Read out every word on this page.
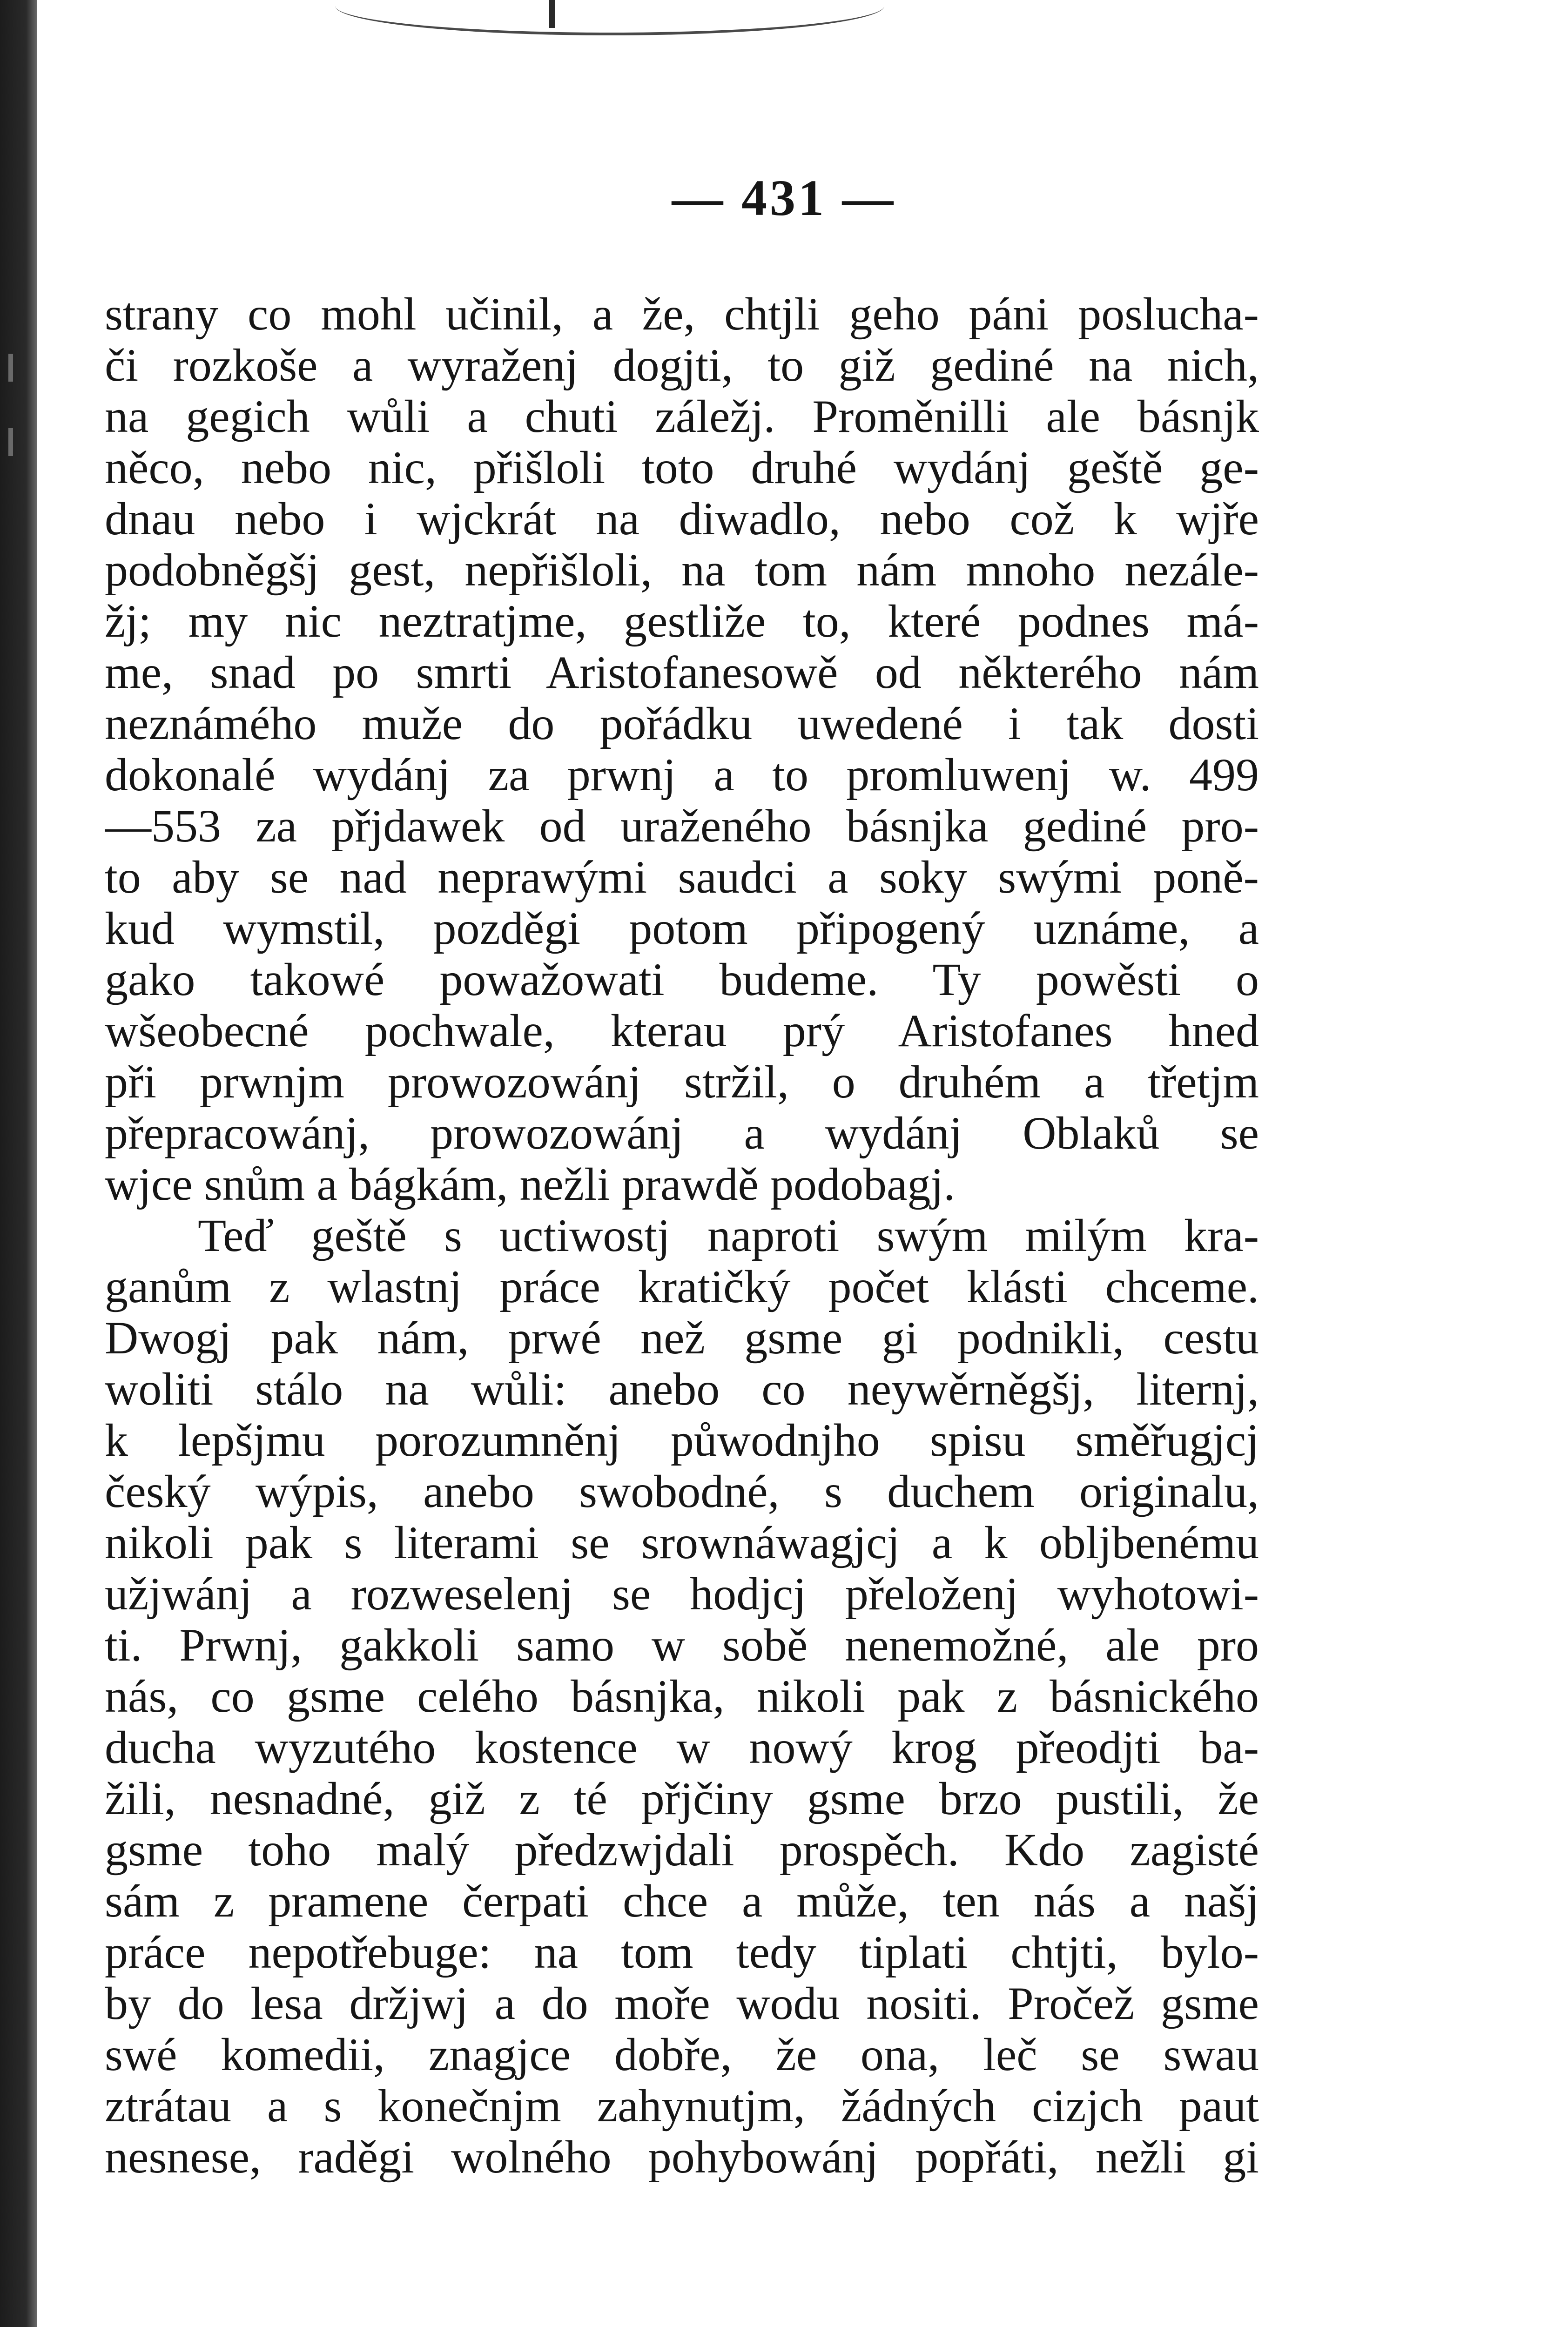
— 431 —
strany co mohl učinil, a že, chtjli geho páni poslucha-
či rozkoše a wyraženj dogjti, to giž gediné na nich,
na gegich wůli a chuti záležj. Proměnilli ale básnjk
něco, nebo nic, přišloli toto druhé wydánj geště ge-
dnau nebo i wjckrát na diwadlo, nebo což k wjře
podobněgšj gest, nepřišloli, na tom nám mnoho nezále-
žj; my nic neztratjme, gestliže to, které podnes má-
me, snad po smrti Aristofanesowě od některého nám
neznámého muže do pořádku uwedené i tak dosti
dokonalé wydánj za prwnj a to promluwenj w. 499
—553 za přjdawek od uraženého básnjka gediné pro-
to aby se nad neprawými saudci a soky swými poně-
kud wymstil, pozděgi potom připogený uznáme, a
gako takowé powažowati budeme. Ty powěsti o
wšeobecné pochwale, kterau prý Aristofanes hned
při prwnjm prowozowánj stržil, o druhém a třetjm
přepracowánj, prowozowánj a wydánj Oblaků se
wjce snům a bágkám, nežli prawdě podobagj.
Teď geště s uctiwostj naproti swým milým kra-
ganům z wlastnj práce kratičký počet klásti chceme.
Dwogj pak nám, prwé než gsme gi podnikli, cestu
woliti stálo na wůli: anebo co neywěrněgšj, liternj,
k lepšjmu porozumněnj půwodnjho spisu směřugjcj
český wýpis, anebo swobodné, s duchem originalu,
nikoli pak s literami se srownáwagjcj a k obljbenému
užjwánj a rozweselenj se hodjcj přeloženj wyhotowi-
ti. Prwnj, gakkoli samo w sobě nenemožné, ale pro
nás, co gsme celého básnjka, nikoli pak z básnického
ducha wyzutého kostence w nowý krog přeodjti ba-
žili, nesnadné, giž z té přjčiny gsme brzo pustili, že
gsme toho malý předzwjdali prospěch. Kdo zagisté
sám z pramene čerpati chce a může, ten nás a našj
práce nepotřebuge: na tom tedy tiplati chtjti, bylo-
by do lesa držjwj a do moře wodu nositi. Pročež gsme
swé komedii, znagjce dobře, že ona, leč se swau
ztrátau a s konečnjm zahynutjm, žádných cizjch paut
nesnese, raděgi wolného pohybowánj popřáti, nežli gi
